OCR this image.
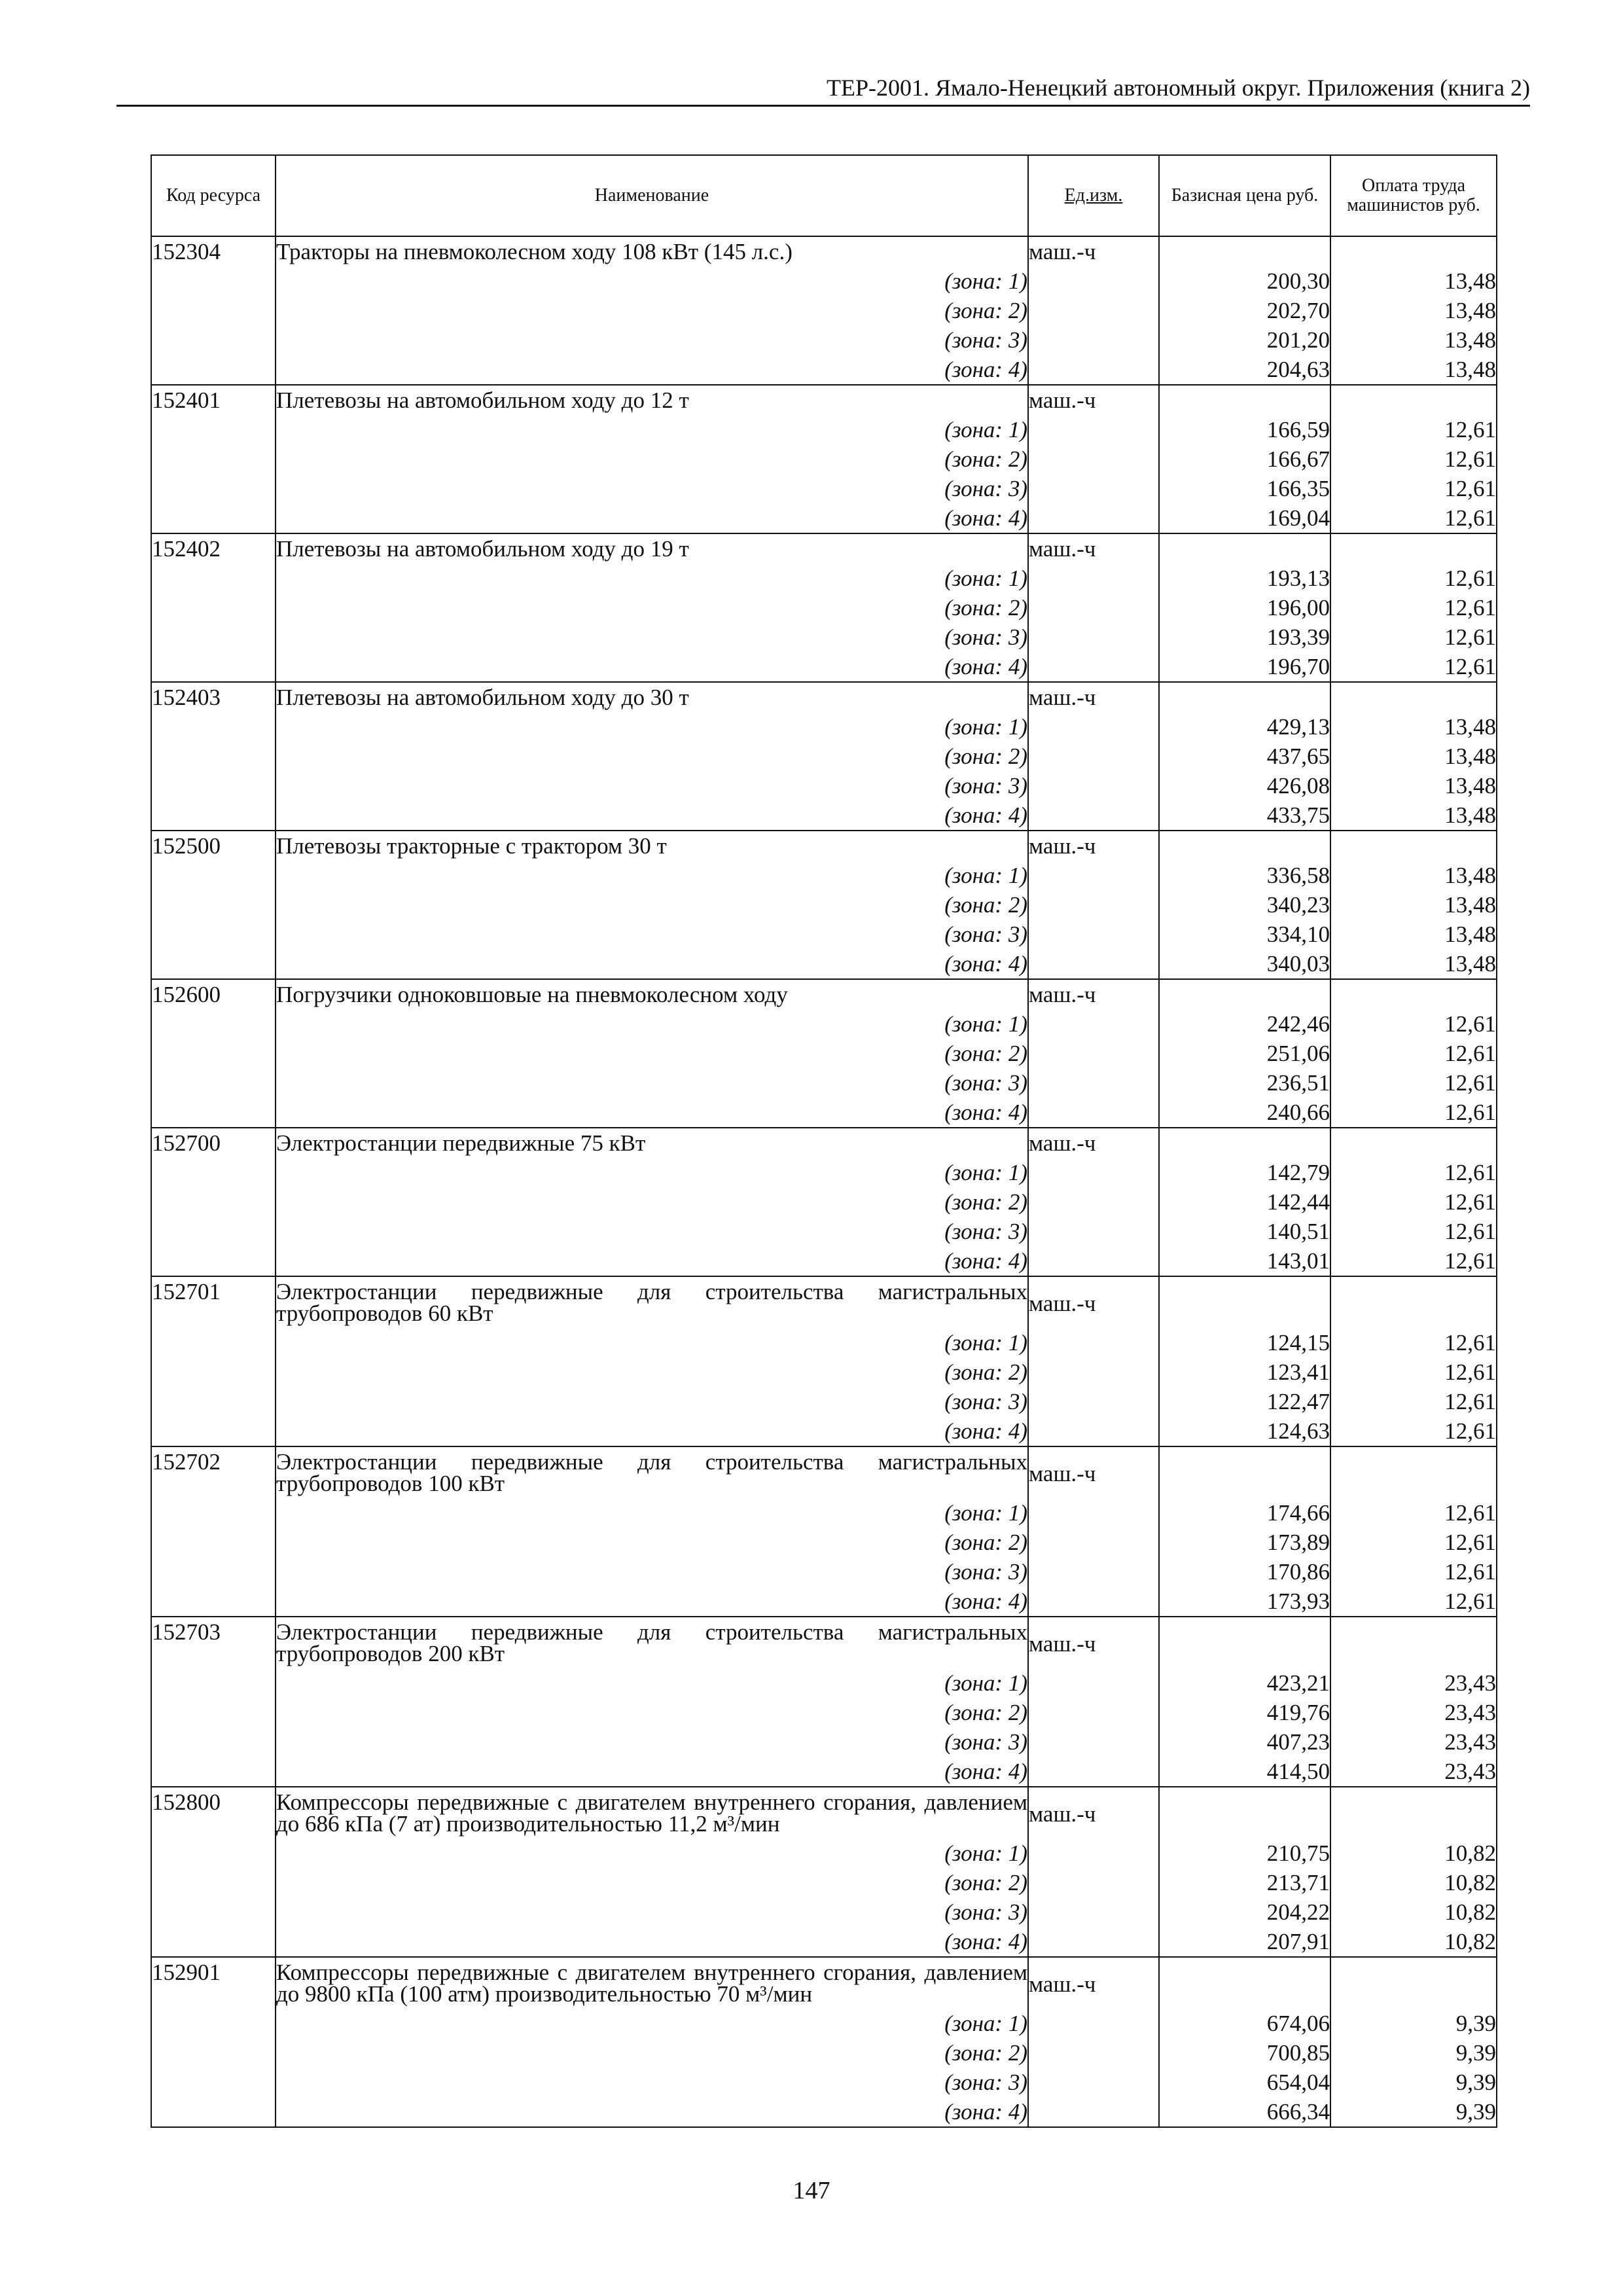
ТЕР-2001. Ямало-Ненецкий автономный округ. Приложения (книга 2)
Код ресурса	Наименование	Ед.изм.	Базисная цена руб.	Оплата труда машинистов руб.
152304	Тракторы на пневмоколесном ходу 108 кВт (145 л.с.)	маш.-ч		
	(зона: 1)		200,30	13,48
	(зона: 2)		202,70	13,48
	(зона: 3)		201,20	13,48
	(зона: 4)		204,63	13,48
152401	Плетевозы на автомобильном ходу до 12 т	маш.-ч		
	(зона: 1)		166,59	12,61
	(зона: 2)		166,67	12,61
	(зона: 3)		166,35	12,61
	(зона: 4)		169,04	12,61
152402	Плетевозы на автомобильном ходу до 19 т	маш.-ч		
	(зона: 1)		193,13	12,61
	(зона: 2)		196,00	12,61
	(зона: 3)		193,39	12,61
	(зона: 4)		196,70	12,61
152403	Плетевозы на автомобильном ходу до 30 т	маш.-ч		
	(зона: 1)		429,13	13,48
	(зона: 2)		437,65	13,48
	(зона: 3)		426,08	13,48
	(зона: 4)		433,75	13,48
152500	Плетевозы тракторные с трактором 30 т	маш.-ч		
	(зона: 1)		336,58	13,48
	(зона: 2)		340,23	13,48
	(зона: 3)		334,10	13,48
	(зона: 4)		340,03	13,48
152600	Погрузчики одноковшовые на пневмоколесном ходу	маш.-ч		
	(зона: 1)		242,46	12,61
	(зона: 2)		251,06	12,61
	(зона: 3)		236,51	12,61
	(зона: 4)		240,66	12,61
152700	Электростанции передвижные 75 кВт	маш.-ч		
	(зона: 1)		142,79	12,61
	(зона: 2)		142,44	12,61
	(зона: 3)		140,51	12,61
	(зона: 4)		143,01	12,61
152701	Электростанции передвижные для строительства магистральных трубопроводов 60 кВт	маш.-ч		
	(зона: 1)		124,15	12,61
	(зона: 2)		123,41	12,61
	(зона: 3)		122,47	12,61
	(зона: 4)		124,63	12,61
152702	Электростанции передвижные для строительства магистральных трубопроводов 100 кВт	маш.-ч		
	(зона: 1)		174,66	12,61
	(зона: 2)		173,89	12,61
	(зона: 3)		170,86	12,61
	(зона: 4)		173,93	12,61
152703	Электростанции передвижные для строительства магистральных трубопроводов 200 кВт	маш.-ч		
	(зона: 1)		423,21	23,43
	(зона: 2)		419,76	23,43
	(зона: 3)		407,23	23,43
	(зона: 4)		414,50	23,43
152800	Компрессоры передвижные с двигателем внутреннего сгорания, давлением до 686 кПа (7 ат) производительностью 11,2 м³/мин	маш.-ч		
	(зона: 1)		210,75	10,82
	(зона: 2)		213,71	10,82
	(зона: 3)		204,22	10,82
	(зона: 4)		207,91	10,82
152901	Компрессоры передвижные с двигателем внутреннего сгорания, давлением до 9800 кПа (100 атм) производительностью 70 м³/мин	маш.-ч		
	(зона: 1)		674,06	9,39
	(зона: 2)		700,85	9,39
	(зона: 3)		654,04	9,39
	(зона: 4)		666,34	9,39
147
